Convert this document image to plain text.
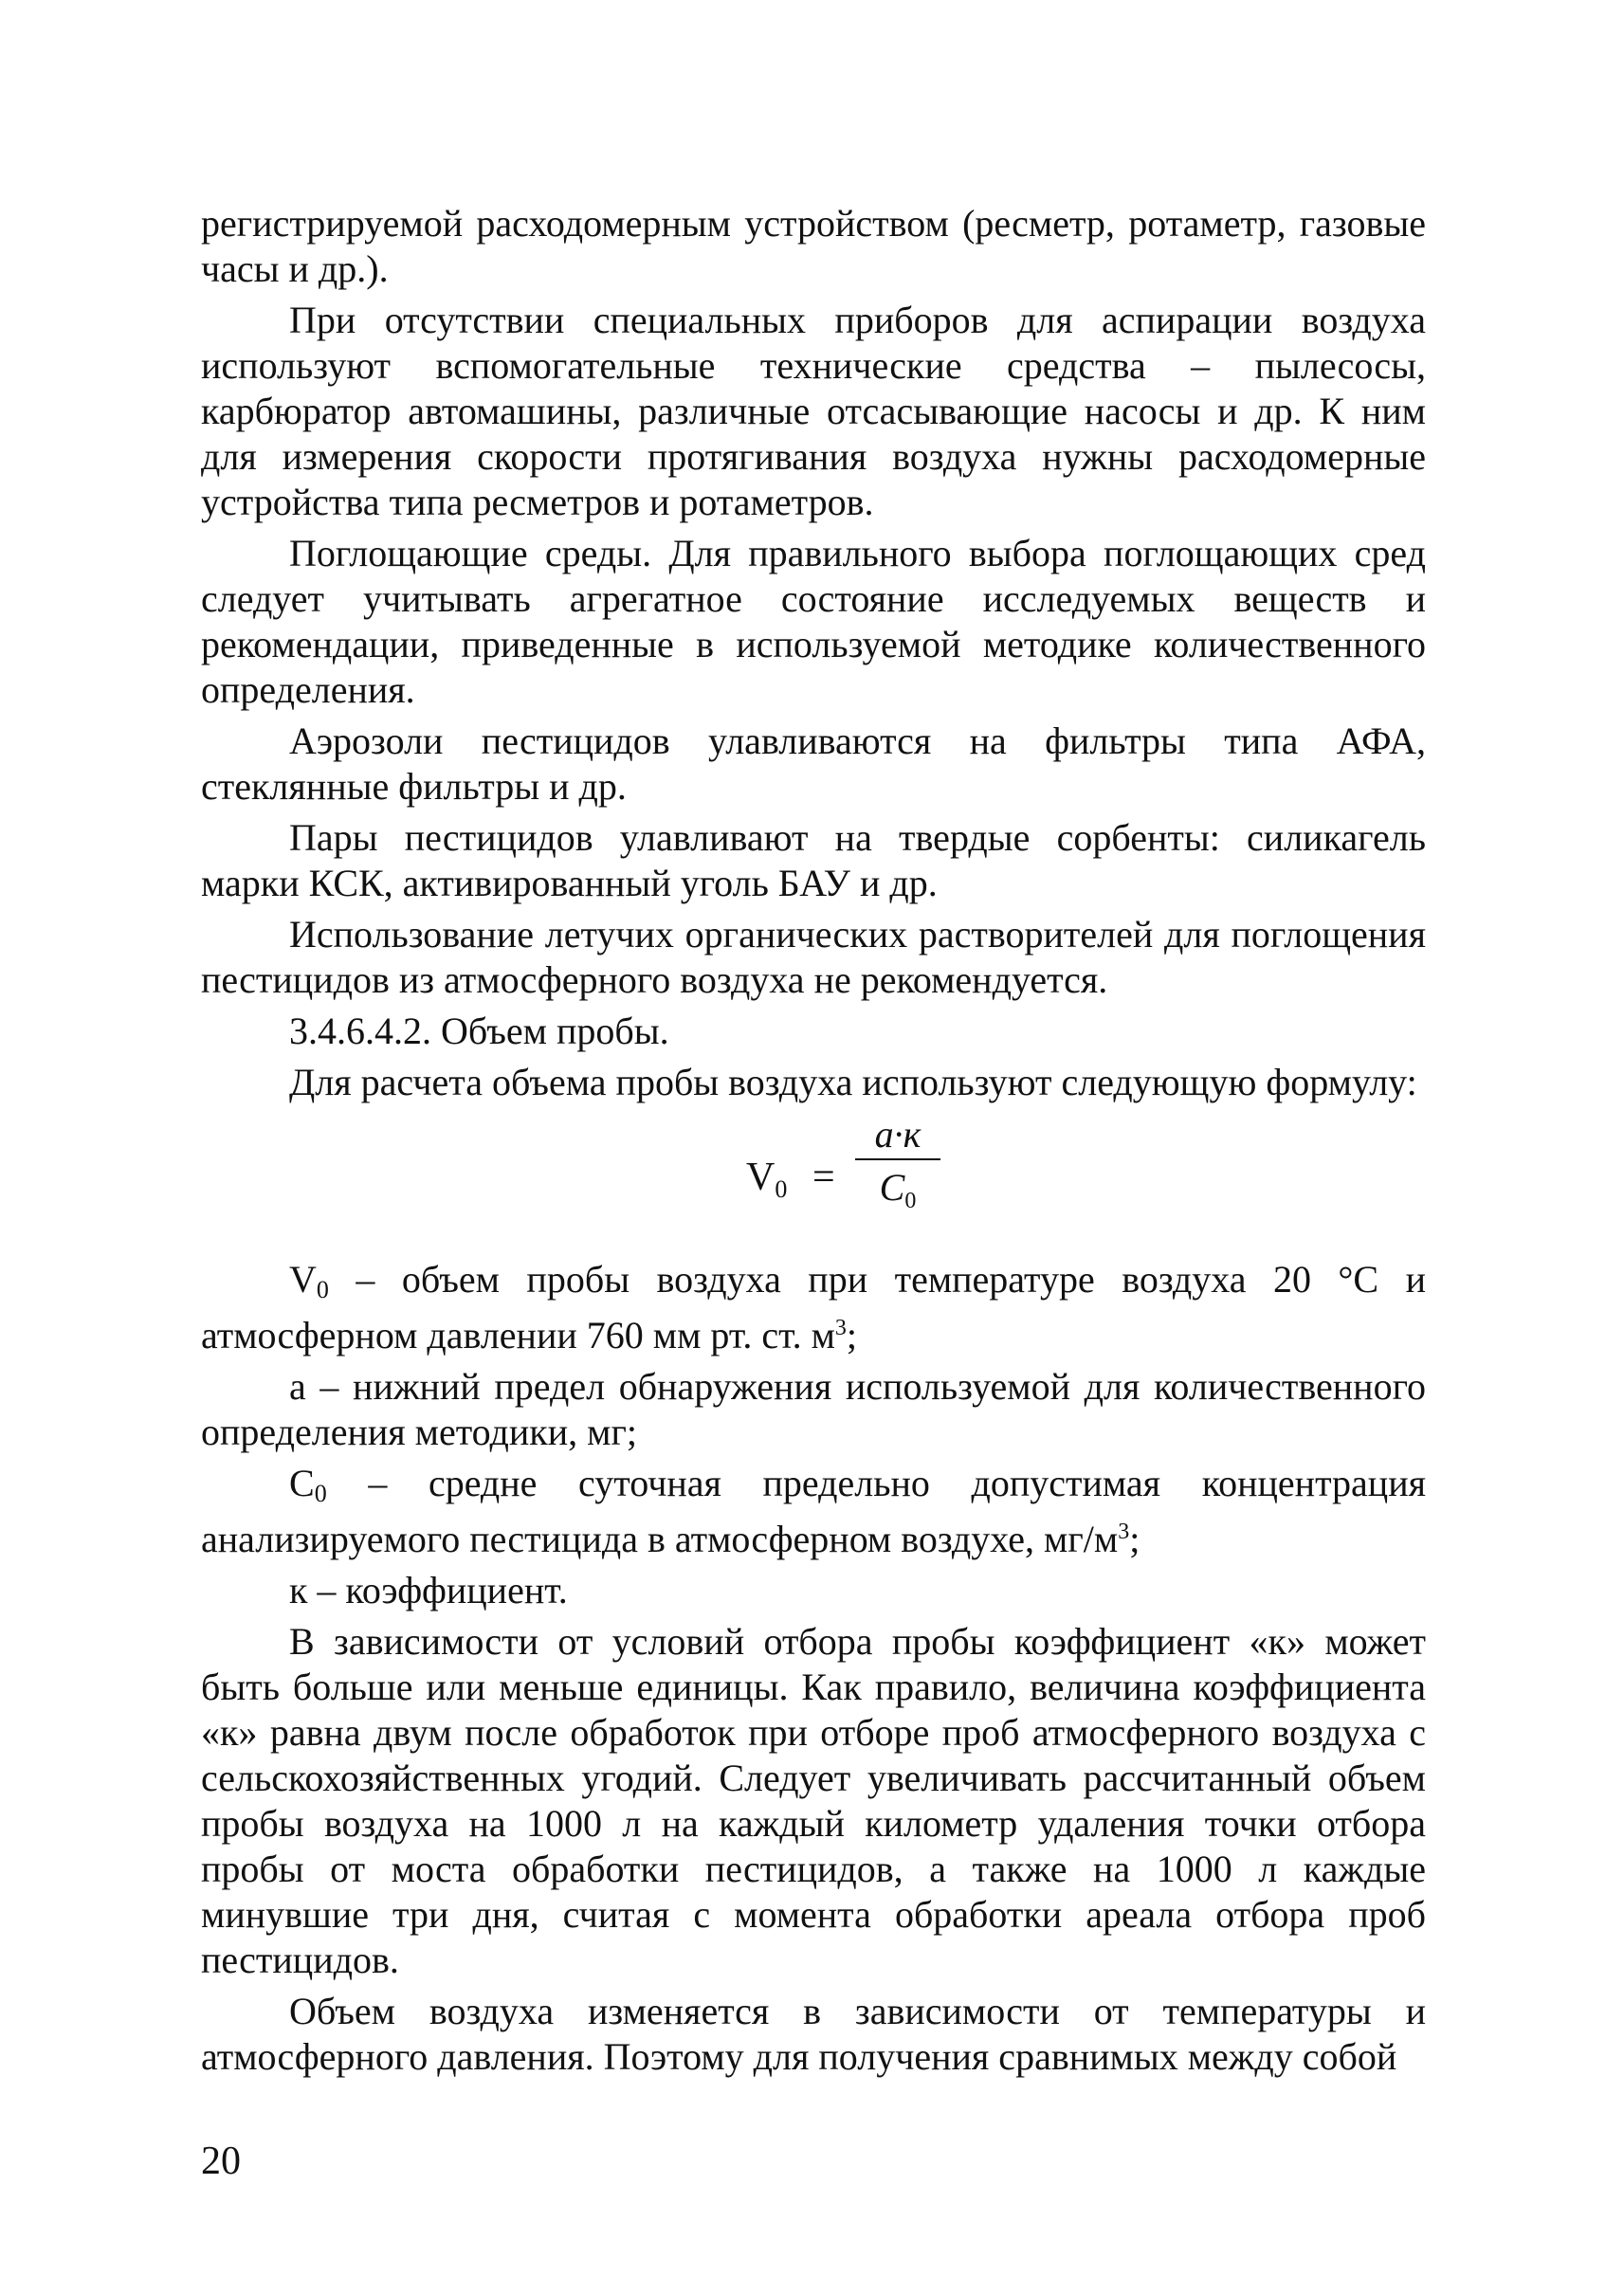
регистрируемой расходомерным устройством (ресметр, ротаметр, газовые часы и др.).

При отсутствии специальных приборов для аспирации воздуха используют вспомогательные технические средства – пылесосы, карбюратор автомашины, различные отсасывающие насосы и др. К ним для измерения скорости протягивания воздуха нужны расходомерные устройства типа ресметров и ротаметров.

Поглощающие среды. Для правильного выбора поглощающих сред следует учитывать агрегатное состояние исследуемых веществ и рекомендации, приведенные в используемой методике количественного определения.

Аэрозоли пестицидов улавливаются на фильтры типа АФА, стеклянные фильтры и др.

Пары пестицидов улавливают на твердые сорбенты: силикагель марки КСК, активированный уголь БАУ и др.

Использование летучих органических растворителей для поглощения пестицидов из атмосферного воздуха не рекомендуется.

3.4.6.4.2. Объем пробы.

Для расчета объема пробы воздуха используют следующую формулу:

$V_0$ =
а·к
$С_0$

$V_0$ – объем пробы воздуха при температуре воздуха 20 °С и атмосферном давлении 760 мм рт. ст. $м^3$;

а – нижний предел обнаружения используемой для количественного определения методики, мг;

$С_0$ – средне суточная предельно допустимая концентрация анализируемого пестицида в атмосферном воздухе, $мг/м^3$;

к – коэффициент.

В зависимости от условий отбора пробы коэффициент «к» может быть больше или меньше единицы. Как правило, величина коэффициента «к» равна двум после обработок при отборе проб атмосферного воздуха с сельскохозяйственных угодий. Следует увеличивать рассчитанный объем пробы воздуха на 1000 л на каждый километр удаления точки отбора пробы от моста обработки пестицидов, а также на 1000 л каждые минувшие три дня, считая с момента обработки ареала отбора проб пестицидов.

Объем воздуха изменяется в зависимости от температуры и атмосферного давления. Поэтому для получения сравнимых между собой

20
